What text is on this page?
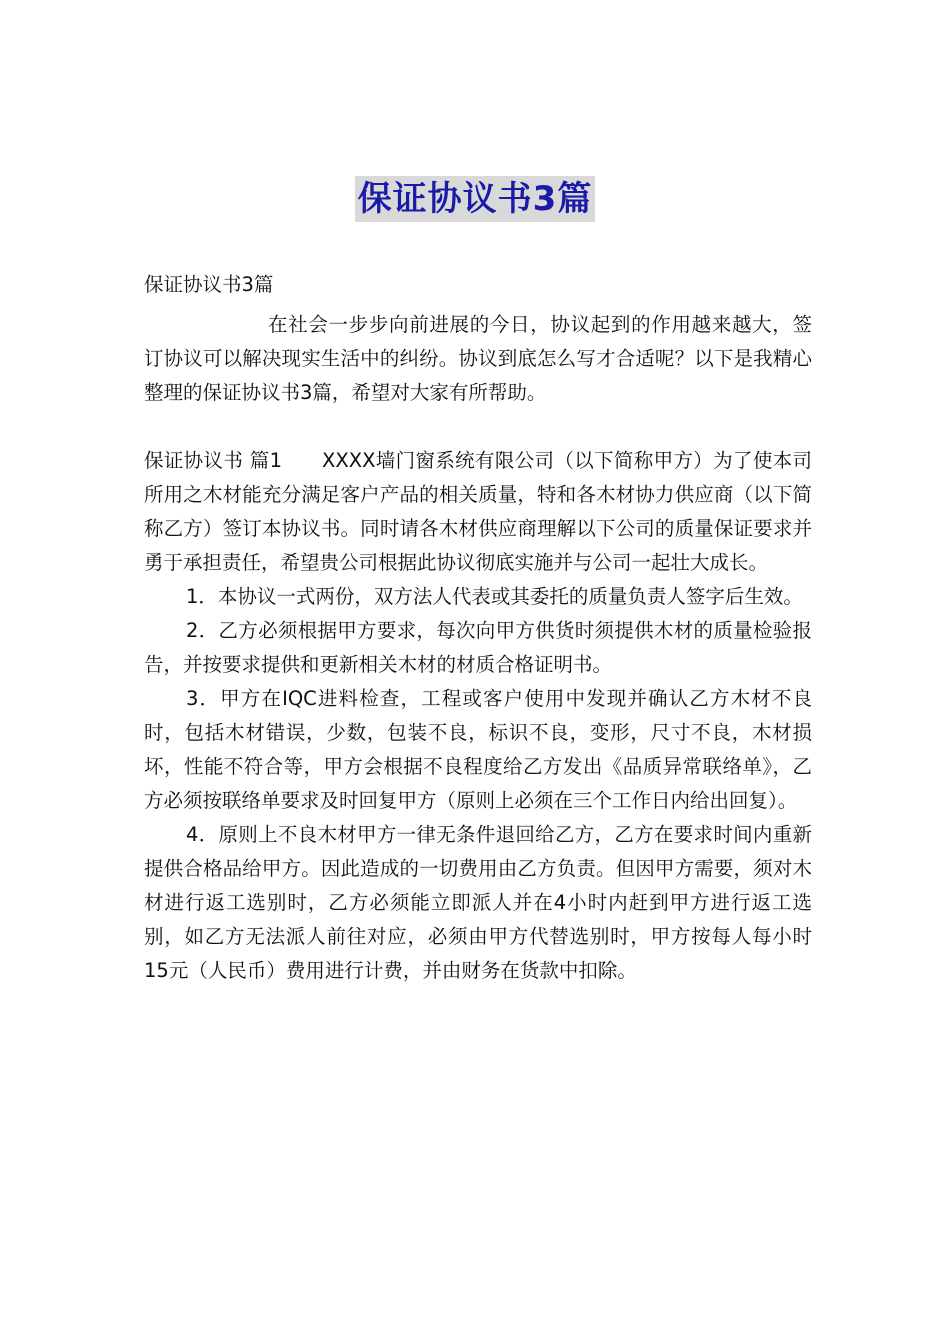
保证协议书3篇

保证协议书3篇

在社会一步步向前进展的今日，协议起到的作用越来越大，签订协议可以解决现实生活中的纠纷。协议到底怎么写才合适呢？以下是我精心整理的保证协议书3篇，希望对大家有所帮助。

保证协议书 篇1 XXXX墙门窗系统有限公司（以下简称甲方）为了使本司所用之木材能充分满足客户产品的相关质量，特和各木材协力供应商（以下简称乙方）签订本协议书。同时请各木材供应商理解以下公司的质量保证要求并勇于承担责任，希望贵公司根据此协议彻底实施并与公司一起壮大成长。

1．本协议一式两份，双方法人代表或其委托的质量负责人签字后生效。

2．乙方必须根据甲方要求，每次向甲方供货时须提供木材的质量检验报告，并按要求提供和更新相关木材的材质合格证明书。

3．甲方在IQC进料检查，工程或客户使用中发现并确认乙方木材不良时，包括木材错误，少数，包装不良，标识不良，变形，尺寸不良，木材损坏，性能不符合等，甲方会根据不良程度给乙方发出《品质异常联络单》，乙方必须按联络单要求及时回复甲方（原则上必须在三个工作日内给出回复）。

4．原则上不良木材甲方一律无条件退回给乙方，乙方在要求时间内重新提供合格品给甲方。因此造成的一切费用由乙方负责。但因甲方需要，须对木材进行返工选别时，乙方必须能立即派人并在4小时内赶到甲方进行返工选别，如乙方无法派人前往对应，必须由甲方代替选别时，甲方按每人每小时15元（人民币）费用进行计费，并由财务在货款中扣除。
